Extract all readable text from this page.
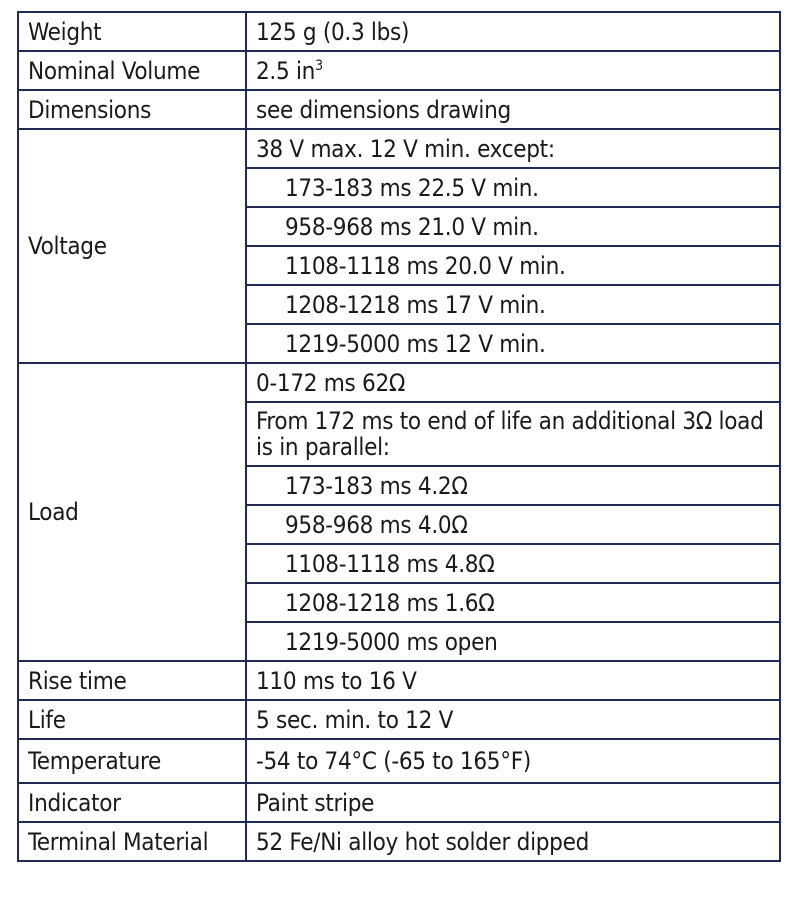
Weight	125 g (0.3 lbs)
Nominal Volume	2.5 $in^3$
Dimensions	see dimensions drawing
Voltage	38 V max. 12 V min. except:
	173-183 ms 22.5 V min.
	958-968 ms 21.0 V min.
	1108-1118 ms 20.0 V min.
	1208-1218 ms 17 V min.
	1219-5000 ms 12 V min.
Load	0-172 ms 62Ω
	From 172 ms to end of life an additional 3Ω load is in parallel:
	173-183 ms 4.2Ω
	958-968 ms 4.0Ω
	1108-1118 ms 4.8Ω
	1208-1218 ms 1.6Ω
	1219-5000 ms open
Rise time	110 ms to 16 V
Life	5 sec. min. to 12 V
Temperature	-54 to 74°C (-65 to 165°F)
Indicator	Paint stripe
Terminal Material	52 Fe/Ni alloy hot solder dipped
